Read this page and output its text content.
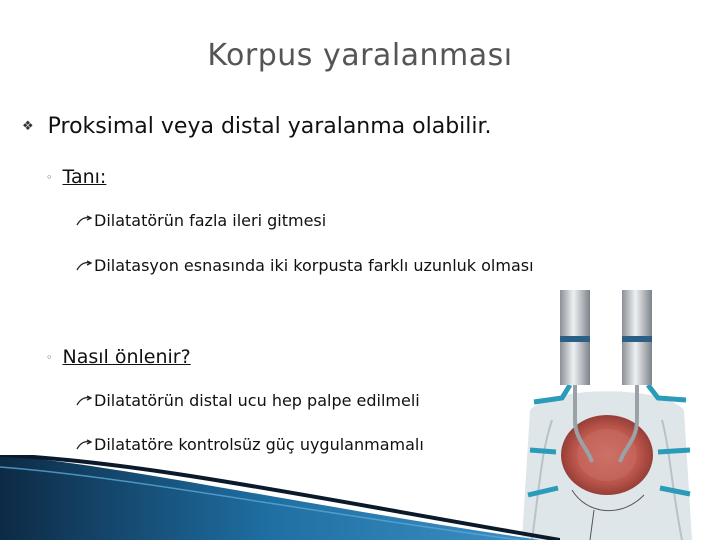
Korpus yaralanması
❖ Proksimal veya distal yaralanma olabilir.
◦ Tanı:
Dilatatörün fazla ileri gitmesi
Dilatasyon esnasında iki korpusta farklı uzunluk olması
◦ Nasıl önlenir?
Dilatatörün distal ucu hep palpe edilmeli
Dilatatöre kontrolsüz güç uygulanmamalı
